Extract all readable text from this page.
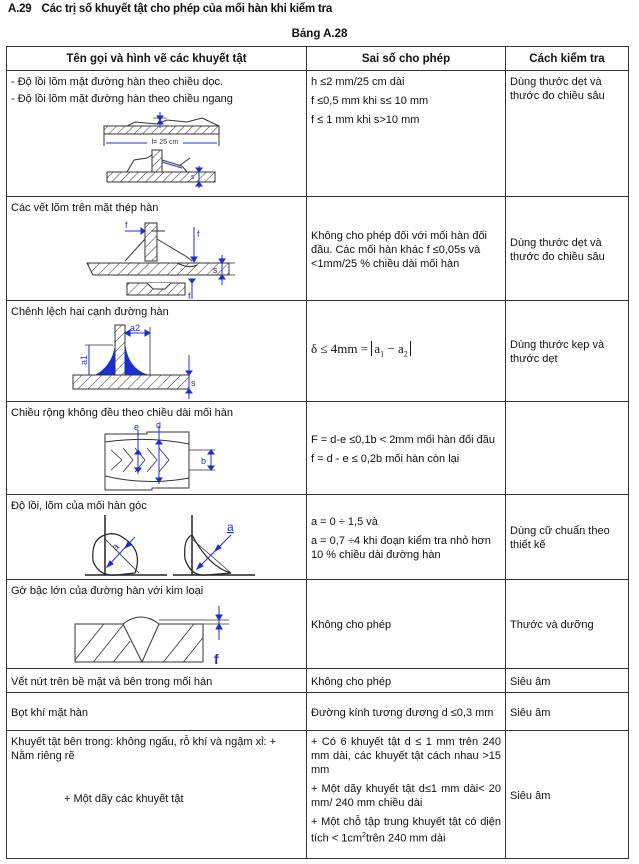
A.29 Các trị số khuyết tật cho phép của mối hàn khi kiểm tra
Bảng A.28
Tên gọi và hình vẽ các khuyết tật	Sai số cho phép	Cách kiểm tra

- Độ lồi lõm mặt đường hàn theo chiều dọc.
- Độ lồi lõm mặt đường hàn theo chiều ngang
l= 25 cm
s	h ≤2 mm/25 cm dài
f ≤0,5 mm khi s≤ 10 mm
f ≤ 1 mm khi s>10 mm	Dùng thước dẹt và thước đo chiều sâu

Các vết lõm trên mặt thép hàn
f
f
s
f	Không cho phép đối với mối hàn đối đầu. Các mối hàn khác f ≤0,05s và <1mm/25 % chiều dài mối hàn	Dùng thước dẹt và thước đo chiều sâu

Chênh lệch hai cạnh đường hàn
a2
a1
s	$\delta \le 4mm = a_1 - a_2$	Dùng thước kẹp và thước dẹt

Chiều rộng không đều theo chiều dài mối hàn
e d
b	F = d-e ≤0,1b < 2mm mối hàn đối đầu
f = d - e ≤ 0,2b mối hàn còn lại	

Độ lồi, lõm của mối hàn góc
a
a	a = 0 ÷ 1,5 và
a = 0,7 ÷4 khi đoạn kiểm tra nhỏ hơn 10 % chiều dài đường hàn	Dùng cữ chuẩn theo thiết kế

Gờ bậc lớn của đường hàn với kim loại
f	Không cho phép	Thước và dưỡng

Vết nứt trên bề mặt và bên trong mối hàn	Không cho phép	Siêu âm

Bọt khí mặt hàn	Đường kính tương đương d ≤0,3 mm	Siêu âm

Khuyết tật bên trong: không ngấu, rỗ khí và ngậm xỉ: + Nằm riêng rẽ
+ Một dãy các khuyết tật	+ Có 6 khuyết tật d ≤ 1 mm trên 240 mm dài, các khuyết tật cách nhau >15 mm
+ Một dãy khuyết tật d≤1 mm dài< 20 mm/ 240 mm chiều dài
+ Một chỗ tập trung khuyết tật có diện tích < $1cm^2trên$ 240 mm dài	Siêu âm
